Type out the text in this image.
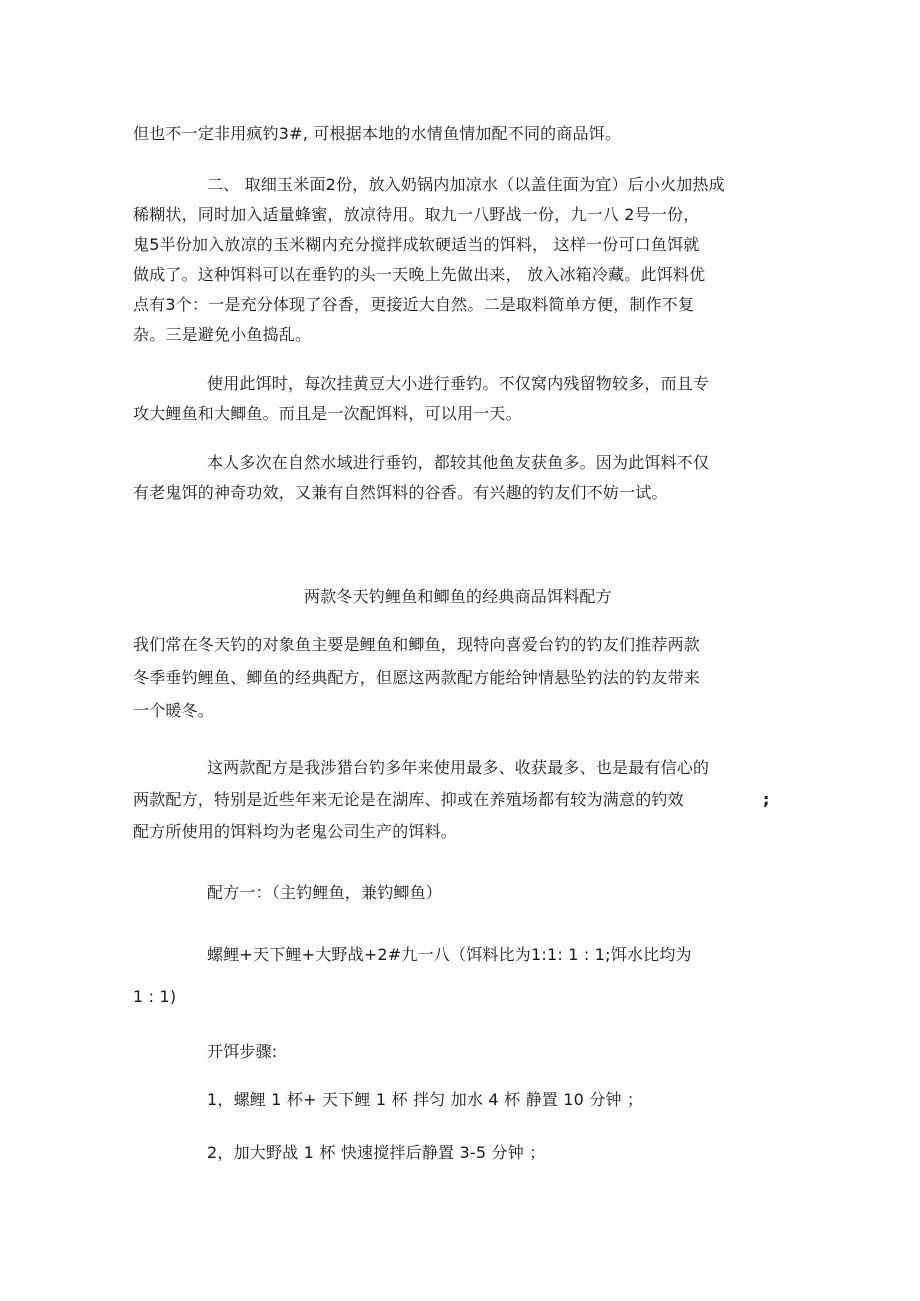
但也不一定非用疯钓3#, 可根据本地的水情鱼情加配不同的商品饵。
二、 取细玉米面2份，放入奶锅内加凉水（以盖住面为宜）后小火加热成
稀糊状，同时加入适量蜂蜜，放凉待用。取九一八野战一份，九一八 2号一份，
鬼5半份加入放凉的玉米糊内充分搅拌成软硬适当的饵料， 这样一份可口鱼饵就
做成了。这种饵料可以在垂钓的头一天晚上先做出来， 放入冰箱冷藏。此饵料优
点有3个：一是充分体现了谷香，更接近大自然。二是取料简单方便，制作不复
杂。三是避免小鱼捣乱。
使用此饵时，每次挂黄豆大小进行垂钓。不仅窝内残留物较多，而且专
攻大鲤鱼和大鲫鱼。而且是一次配饵料，可以用一天。
本人多次在自然水域进行垂钓，都较其他鱼友获鱼多。因为此饵料不仅
有老鬼饵的神奇功效，又兼有自然饵料的谷香。有兴趣的钓友们不妨一试。
两款冬天钓鲤鱼和鲫鱼的经典商品饵料配方
我们常在冬天钓的对象鱼主要是鲤鱼和鲫鱼，现特向喜爱台钓的钓友们推荐两款
冬季垂钓鲤鱼、鲫鱼的经典配方，但愿这两款配方能给钟情悬坠钓法的钓友带来
一个暖冬。
这两款配方是我涉猎台钓多年来使用最多、收获最多、也是最有信心的
两款配方，特别是近些年来无论是在湖库、抑或在养殖场都有较为满意的钓效	;
配方所使用的饵料均为老鬼公司生产的饵料。
配方一：（主钓鲤鱼，兼钓鲫鱼）
螺鲤+天下鲤+大野战+2#九一八（饵料比为1:1: 1 : 1;饵水比均为
1 : 1)
开饵步骤:
1，螺鲤 1 杯+ 天下鲤 1 杯 拌匀 加水 4 杯 静置 10 分钟 ；
2，加大野战 1 杯 快速搅拌后静置 3-5 分钟 ；
